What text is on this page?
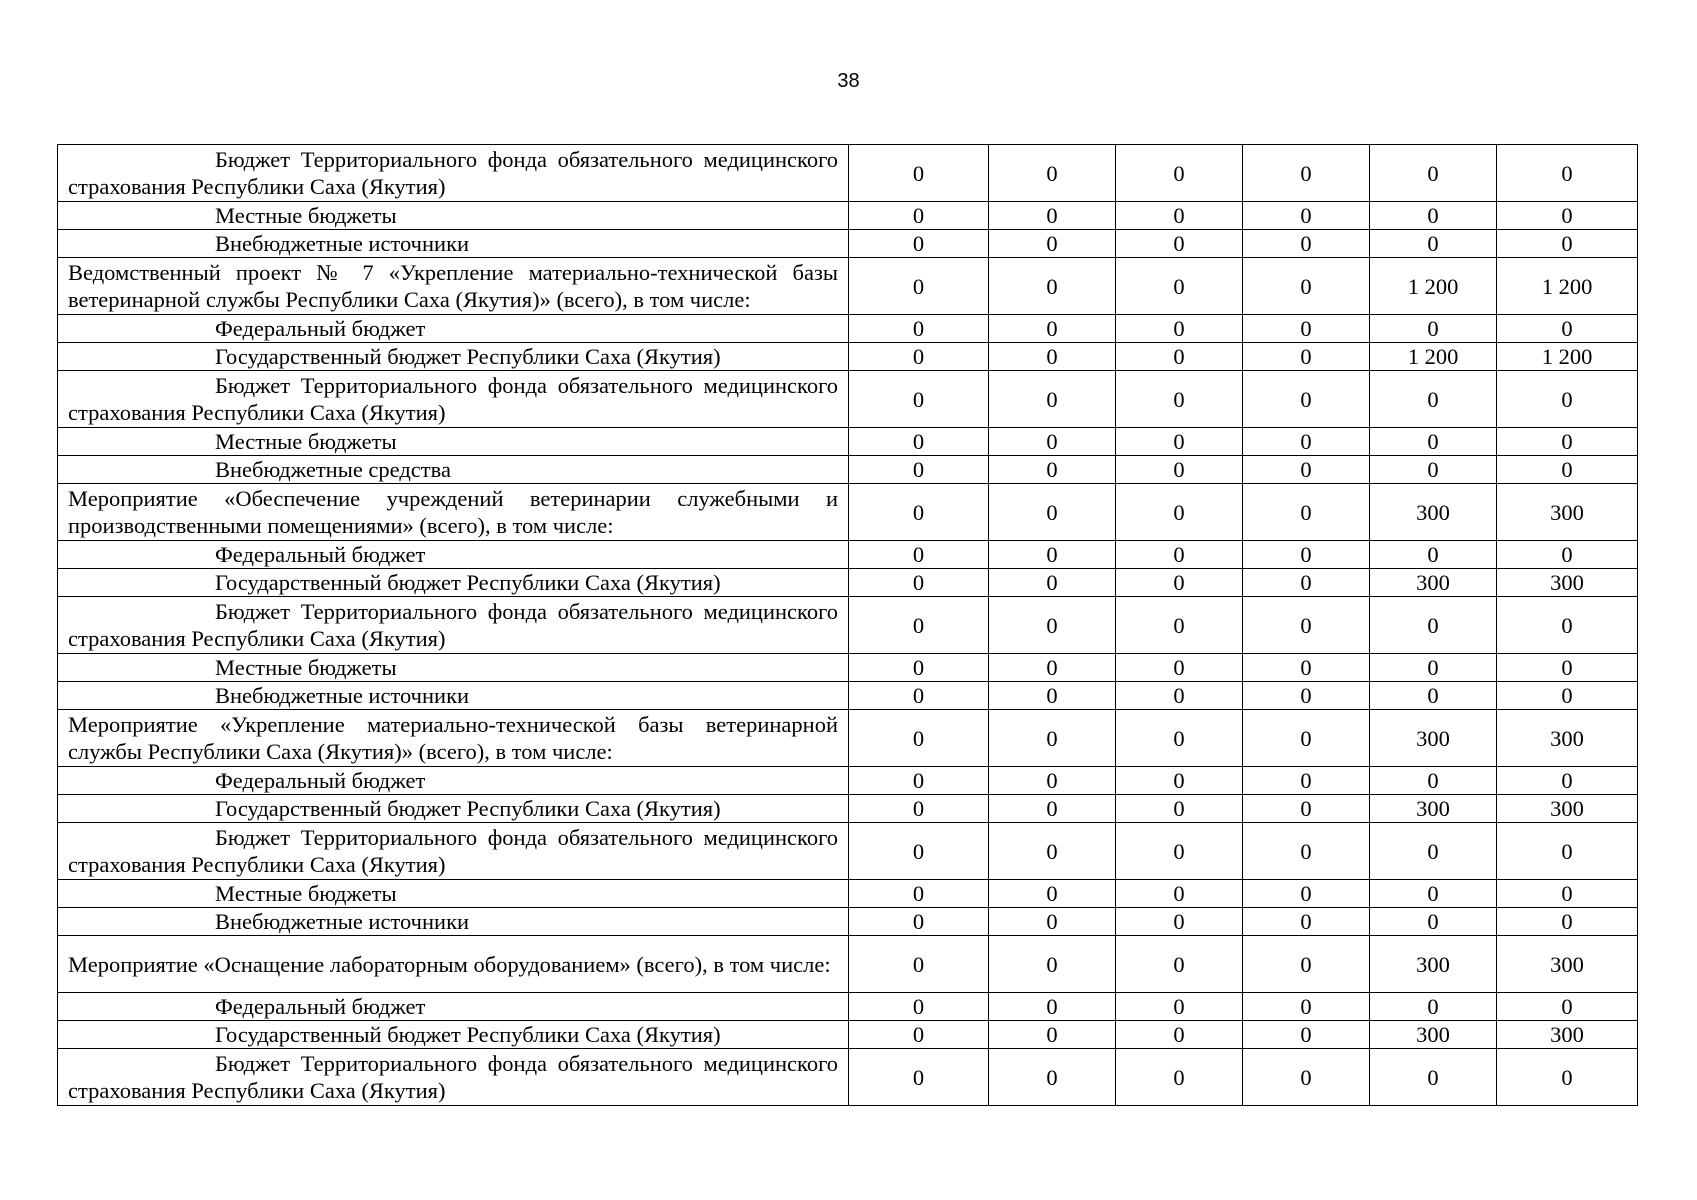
38
Бюджет Территориального фонда обязательного медицинского страхования Республики Саха (Якутия)	0	0	0	0	0	0
Местные бюджеты	0	0	0	0	0	0
Внебюджетные источники	0	0	0	0	0	0
Ведомственный проект № 7 «Укрепление материально-технической базы ветеринарной службы Республики Саха (Якутия)» (всего), в том числе:	0	0	0	0	1 200	1 200
Федеральный бюджет	0	0	0	0	0	0
Государственный бюджет Республики Саха (Якутия)	0	0	0	0	1 200	1 200
Бюджет Территориального фонда обязательного медицинского страхования Республики Саха (Якутия)	0	0	0	0	0	0
Местные бюджеты	0	0	0	0	0	0
Внебюджетные средства	0	0	0	0	0	0
Мероприятие «Обеспечение учреждений ветеринарии служебными и производственными помещениями» (всего), в том числе:	0	0	0	0	300	300
Федеральный бюджет	0	0	0	0	0	0
Государственный бюджет Республики Саха (Якутия)	0	0	0	0	300	300
Бюджет Территориального фонда обязательного медицинского страхования Республики Саха (Якутия)	0	0	0	0	0	0
Местные бюджеты	0	0	0	0	0	0
Внебюджетные источники	0	0	0	0	0	0
Мероприятие «Укрепление материально-технической базы ветеринарной службы Республики Саха (Якутия)» (всего), в том числе:	0	0	0	0	300	300
Федеральный бюджет	0	0	0	0	0	0
Государственный бюджет Республики Саха (Якутия)	0	0	0	0	300	300
Бюджет Территориального фонда обязательного медицинского страхования Республики Саха (Якутия)	0	0	0	0	0	0
Местные бюджеты	0	0	0	0	0	0
Внебюджетные источники	0	0	0	0	0	0
Мероприятие «Оснащение лабораторным оборудованием» (всего), в том числе:	0	0	0	0	300	300
Федеральный бюджет	0	0	0	0	0	0
Государственный бюджет Республики Саха (Якутия)	0	0	0	0	300	300
Бюджет Территориального фонда обязательного медицинского страхования Республики Саха (Якутия)	0	0	0	0	0	0
